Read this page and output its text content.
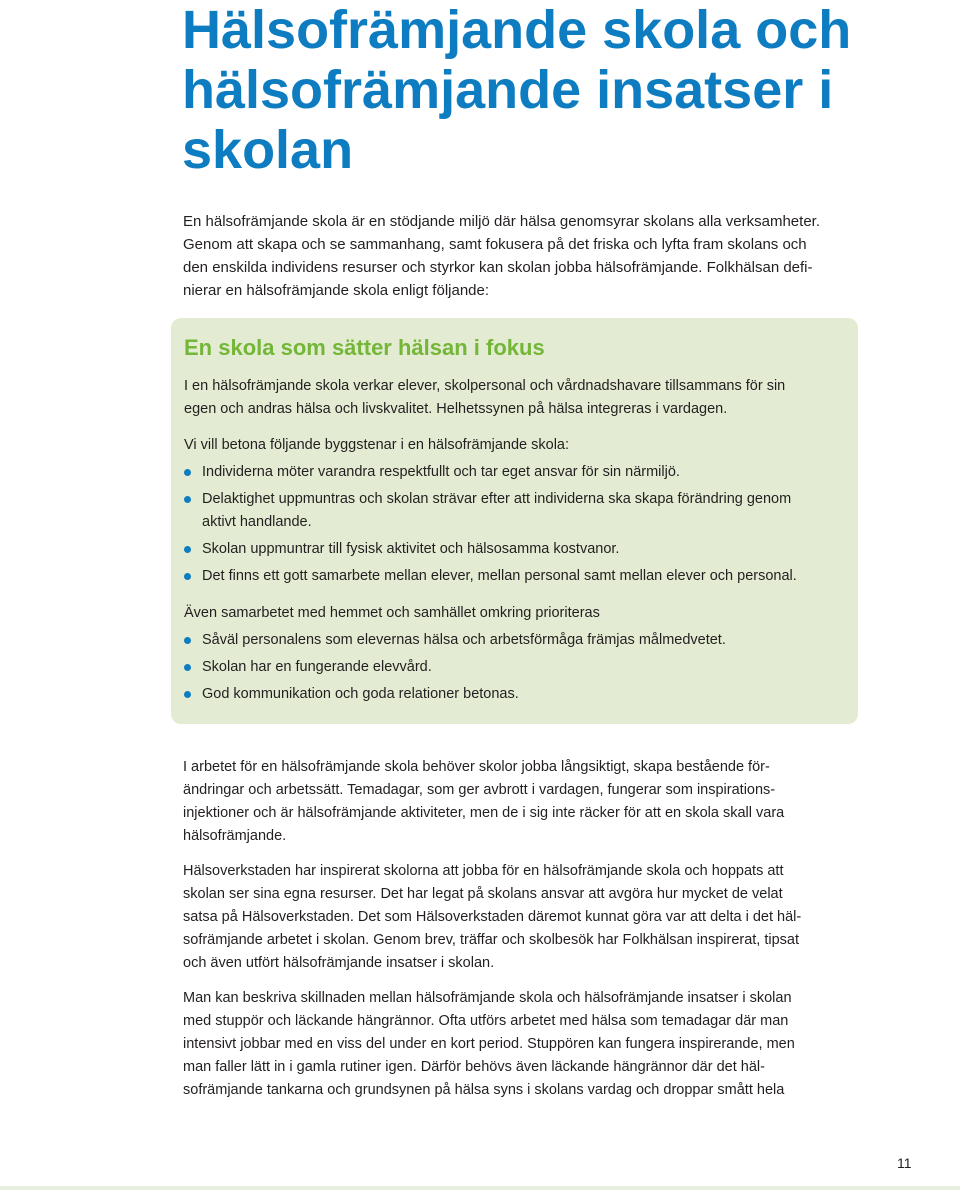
Hälsofrämjande skola och
hälsofrämjande insatser i
skolan

En hälsofrämjande skola är en stödjande miljö där hälsa genomsyrar skolans alla verksamheter.
Genom att skapa och se sammanhang, samt fokusera på det friska och lyfta fram skolans och
den enskilda individens resurser och styrkor kan skolan jobba hälsofrämjande. Folkhälsan defi-
nierar en hälsofrämjande skola enligt följande:

En skola som sätter hälsan i fokus

I en hälsofrämjande skola verkar elever, skolpersonal och vårdnadshavare tillsammans för sin
egen och andras hälsa och livskvalitet. Helhetssynen på hälsa integreras i vardagen.

Vi vill betona följande byggstenar i en hälsofrämjande skola:

Individerna möter varandra respektfullt och tar eget ansvar för sin närmiljö.
Delaktighet uppmuntras och skolan strävar efter att individerna ska skapa förändring genom
aktivt handlande.
Skolan uppmuntrar till fysisk aktivitet och hälsosamma kostvanor.
Det finns ett gott samarbete mellan elever, mellan personal samt mellan elever och personal.

Även samarbetet med hemmet och samhället omkring prioriteras

Såväl personalens som elevernas hälsa och arbetsförmåga främjas målmedvetet.
Skolan har en fungerande elevvård.
God kommunikation och goda relationer betonas.

I arbetet för en hälsofrämjande skola behöver skolor jobba långsiktigt, skapa bestående för-
ändringar och arbetssätt. Temadagar, som ger avbrott i vardagen, fungerar som inspirations-
injektioner och är hälsofrämjande aktiviteter, men de i sig inte räcker för att en skola skall vara
hälsofrämjande.

Hälsoverkstaden har inspirerat skolorna att jobba för en hälsofrämjande skola och hoppats att
skolan ser sina egna resurser. Det har legat på skolans ansvar att avgöra hur mycket de velat
satsa på Hälsoverkstaden. Det som Hälsoverkstaden däremot kunnat göra var att delta i det häl-
sofrämjande arbetet i skolan. Genom brev, träffar och skolbesök har Folkhälsan inspirerat, tipsat
och även utfört hälsofrämjande insatser i skolan.

Man kan beskriva skillnaden mellan hälsofrämjande skola och hälsofrämjande insatser i skolan
med stupрör och läckande hängrännor. Ofta utförs arbetet med hälsa som temadagar där man
intensivt jobbar med en viss del under en kort period. Stupрören kan fungera inspirerande, men
man faller lätt in i gamla rutiner igen. Därför behövs även läckande hängrännor där det häl-
sofrämjande tankarna och grundsynen på hälsa syns i skolans vardag och droppar smått hela

11
